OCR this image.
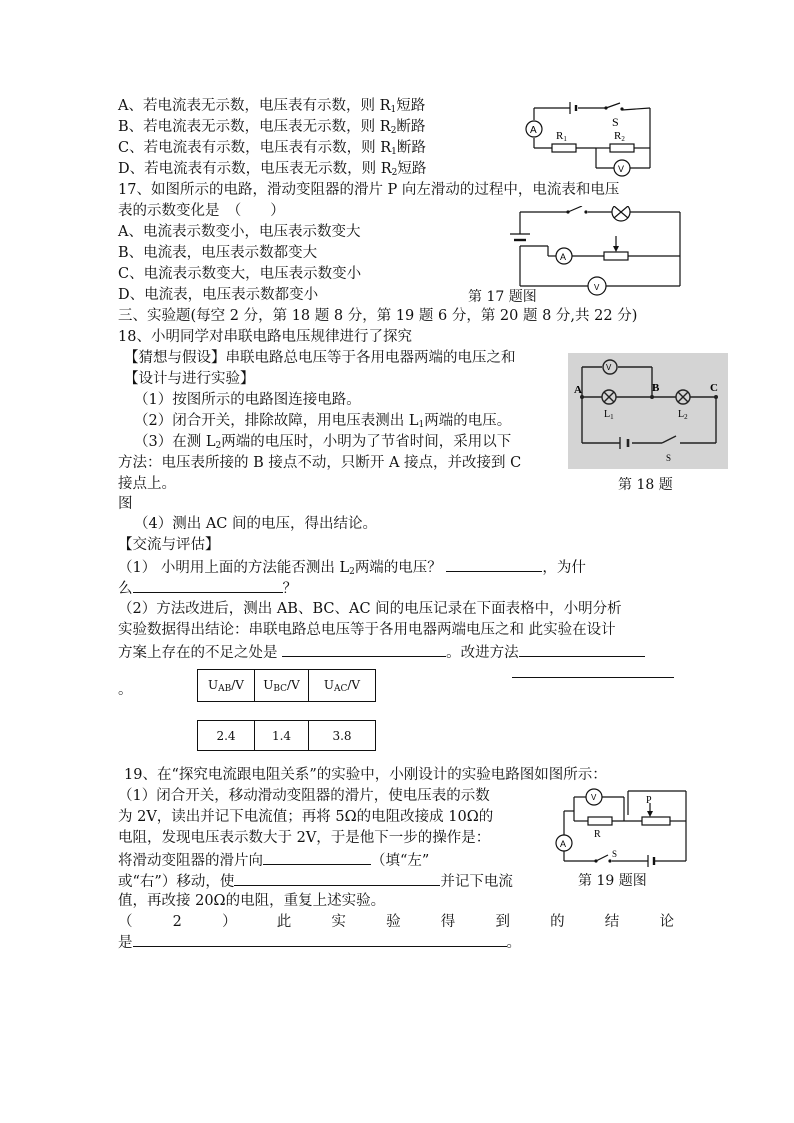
A、若电流表无示数，电压表有示数，则 $R_1$短路
B、若电流表无示数，电压表无示数，则 $R_2$断路
C、若电流表有示数，电压表有示数，则 $R_1$断路
D、若电流表有示数，电压表无示数，则 $R_2$短路
S
R1	R2
A
V
17、如图所示的电路，滑动变阻器的滑片 P 向左滑动的过程中，电流表和电压
表的示数变化是　（　　）
A、电流表示数变小，电压表示数变大
B、电流表，电压表示数都变大
C、电流表示数变大，电压表示数变小
D、电流表，电压表示数都变小	第 17 题图
A
V
三、实验题(每空 2 分，第 18 题 8 分，第 19 题 6 分，第 20 题 8 分,共 22 分)
18、小明同学对串联电路电压规律进行了探究
【猜想与假设】串联电路总电压等于各用电器两端的电压之和
【设计与进行实验】
（1）按图所示的电路图连接电路。
（2）闭合开关，排除故障，用电压表测出 $L_1$两端的电压。
（3）在测 $L_2$两端的电压时，小明为了节省时间，采用以下
方法：电压表所接的 B 接点不动，只断开 A 接点，并改接到 C
接点上。	第 18 题
图
A	B	C
V
$L_1$	$L_2$
S
（4）测出 AC 间的电压，得出结论。
【交流与评估】
（1） 小明用上面的方法能否测出 $L_2$两端的电压？	，为什
么	？
（2）方法改进后，测出 AB、BC、AC 间的电压记录在下面表格中，小明分析
实验数据得出结论：串联电路总电压等于各用电器两端电压之和 此实验在设计
方案上存在的不足之处是	。改进方法
。	$U_{AB}/V$	$U_{BC}/V$	$U_{AC}/V$
2.4	1.4	3.8
19、在“探究电流跟电阻关系”的实验中，小刚设计的实验电路图如图所示：
（1）闭合开关，移动滑动变阻器的滑片，使电压表的示数
为 2V，读出并记下电流值；再将 5Ω的电阻改接成 10Ω的
电阻，发现电压表示数大于 2V，于是他下一步的操作是：
将滑动变阻器的滑片向	（填“左”
或“右”）移动，使	并记下电流	第 19 题图
值，再改接 20Ω的电阻，重复上述实验。
（	2	）	此	实	验	得	到	的	结	论
是	。
V
A
R
P
S
